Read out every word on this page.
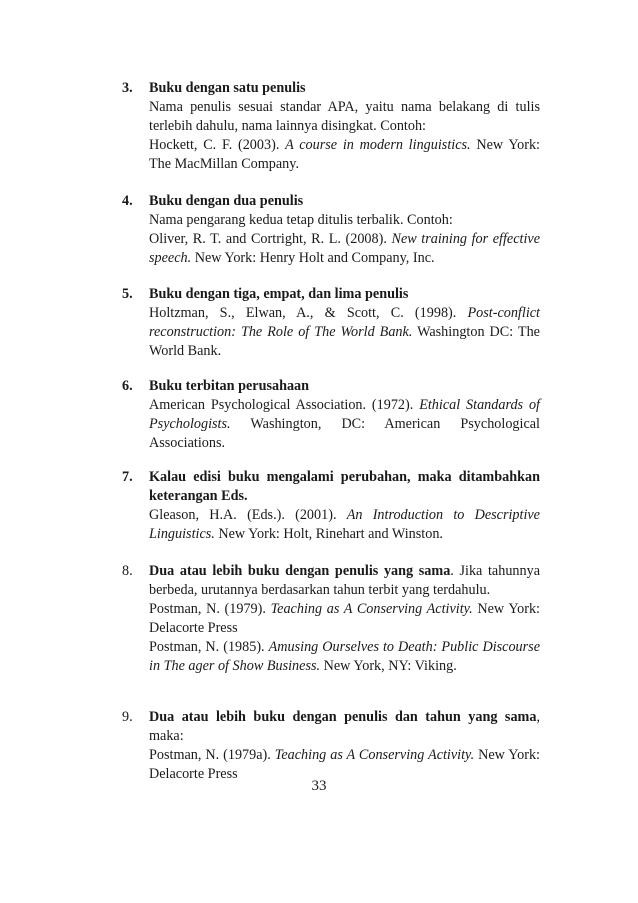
3.	Buku dengan satu penulis
Nama penulis sesuai standar APA, yaitu nama belakang di tulis terlebih dahulu, nama lainnya disingkat. Contoh:
Hockett, C. F. (2003). A course in modern linguistics. New York: The MacMillan Company.
4.	Buku dengan dua penulis
Nama pengarang kedua tetap ditulis terbalik. Contoh:
Oliver, R. T. and Cortright, R. L. (2008). New training for effective speech. New York: Henry Holt and Company, Inc.
5.	Buku dengan tiga, empat, dan lima penulis
Holtzman, S., Elwan, A., & Scott, C. (1998). Post-conflict reconstruction: The Role of The World Bank. Washington DC: The World Bank.
6.	Buku terbitan perusahaan
American Psychological Association. (1972). Ethical Standards of Psychologists. Washington, DC: American Psychological Associations.
7.	Kalau edisi buku mengalami perubahan, maka ditambahkan keterangan Eds.
Gleason, H.A. (Eds.). (2001). An Introduction to Descriptive Linguistics. New York: Holt, Rinehart and Winston.
8.	Dua atau lebih buku dengan penulis yang sama. Jika tahunnya berbeda, urutannya berdasarkan tahun terbit yang terdahulu.
Postman, N. (1979). Teaching as A Conserving Activity. New York: Delacorte Press
Postman, N. (1985). Amusing Ourselves to Death: Public Discourse in The ager of Show Business. New York, NY: Viking.
9.	Dua atau lebih buku dengan penulis dan tahun yang sama, maka:
Postman, N. (1979a). Teaching as A Conserving Activity. New York: Delacorte Press
33
